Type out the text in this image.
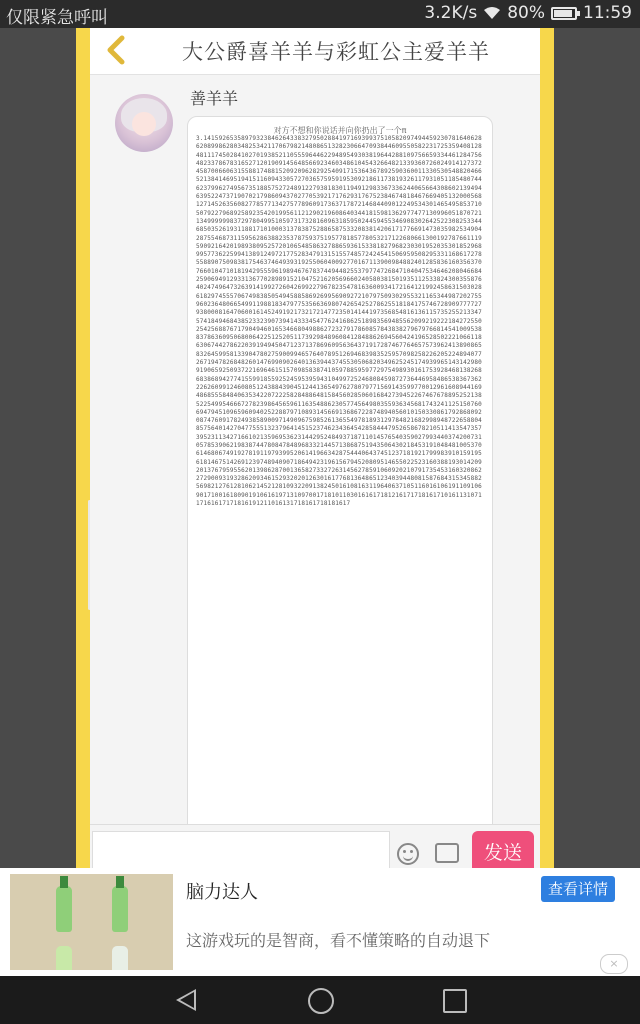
仅限紧急呼叫	3.2K/s 80% 11:59
大公爵喜羊羊与彩虹公主爱羊羊
善羊羊
对方不想和你说话并向你扔出了一个π
3.14159265358979323846264338327950288419716939937510582097494459230781640628620899862803482534211706798214808651328230664709384460955058223172535940812848111745028410270193852110555964462294895493038196442881097566593344612847564823378678316527120190914564856692346034861045432664821339360726024914127372458700660631558817488152092096282925409171536436789259036001133053054882046652138414695194151160943305727036575959195309218611738193261179310511854807446237996274956735188575272489122793818301194912983367336244065664308602139494639522473719070217986094370277053921717629317675238467481846766940513200056812714526356082778577134275778960917363717872146844090122495343014654958537105079227968925892354201995611212902196086403441815981362977477130996051870721134999999837297804995105973173281609631859502445945534690830264252230825334468503526193118817101000313783875288658753320838142061717766914730359825349042875546873115956286388235378759375195778185778053217122680661300192787661119590921642019893809525720106548586327886593615338182796823030195203530185296899577362259941389124972177528347913151557485724245415069595082953311686172785588907509838175463746493931925506040092770167113900984882401285836160356370766010471018194295559619894676783744944825537977472684710404753464620804668425906949129331367702898915210475216205696602405803815019351125338243003558764024749647326391419927260426992279678235478163600934172164121992458631503028618297455570674983850549458858692699569092721079750930295532116534498720275596023648066549911988183479775356636980742654252786255181841757467289097777279380008164706001614524919217321721477235014144197356854816136115735255213347574184946843852332390739414333454776241686251898356948556209921922218427255025425688767179049460165346680498862723279178608578438382796797668145410095388378636095068006422512520511739298489608412848862694560424196528502221066118630674427862203919494504712371378696095636437191728746776465757396241389086583264599581339047802759009946576407895126946839835259570982582262052248940772671947826848260147699090264013639443745530506820349625245174939965143142980919065925093722169646151570985838741059788595977297549893016175392846813826868386894277415599185592524595395943104997252468084598727364469584865383673622262609912460805124388439045124413654976278079771569143599770012961608944169486855584840635342207222582848864815845602850601684273945226746767889525213852254995466672782398645659611635488623057745649803559363456817432411251507606947945109659609402522887971089314566913686722874894056010150330861792868092087476091782493858900971490967598526136554978189312978482168299894872265880485756401427047755513237964145152374623436454285844479526586782105114135473573952311342716610213596953623144295248493718711014576540359027993440374200731057853906219838744780847848968332144571386875194350643021845319104848100537061468067491927819119793995206141966342875444064374512371819217999839101591956181467514269123974894090718649423196156794520809514655022523160388193014209201376795955620139862870013658273327263145627859106092021079173545316032086227290093193286209346152932020126301617768136486512340394480815876843153458825698212761281062145212810932209138245016108163119640637105116016106191109106901710016180901910616197131097001718101103016161718121617171816171016113107117161617171816191211016131718161718181617
发送
脑力达人	查看详情
这游戏玩的是智商，看不懂策略的自动退下
×
